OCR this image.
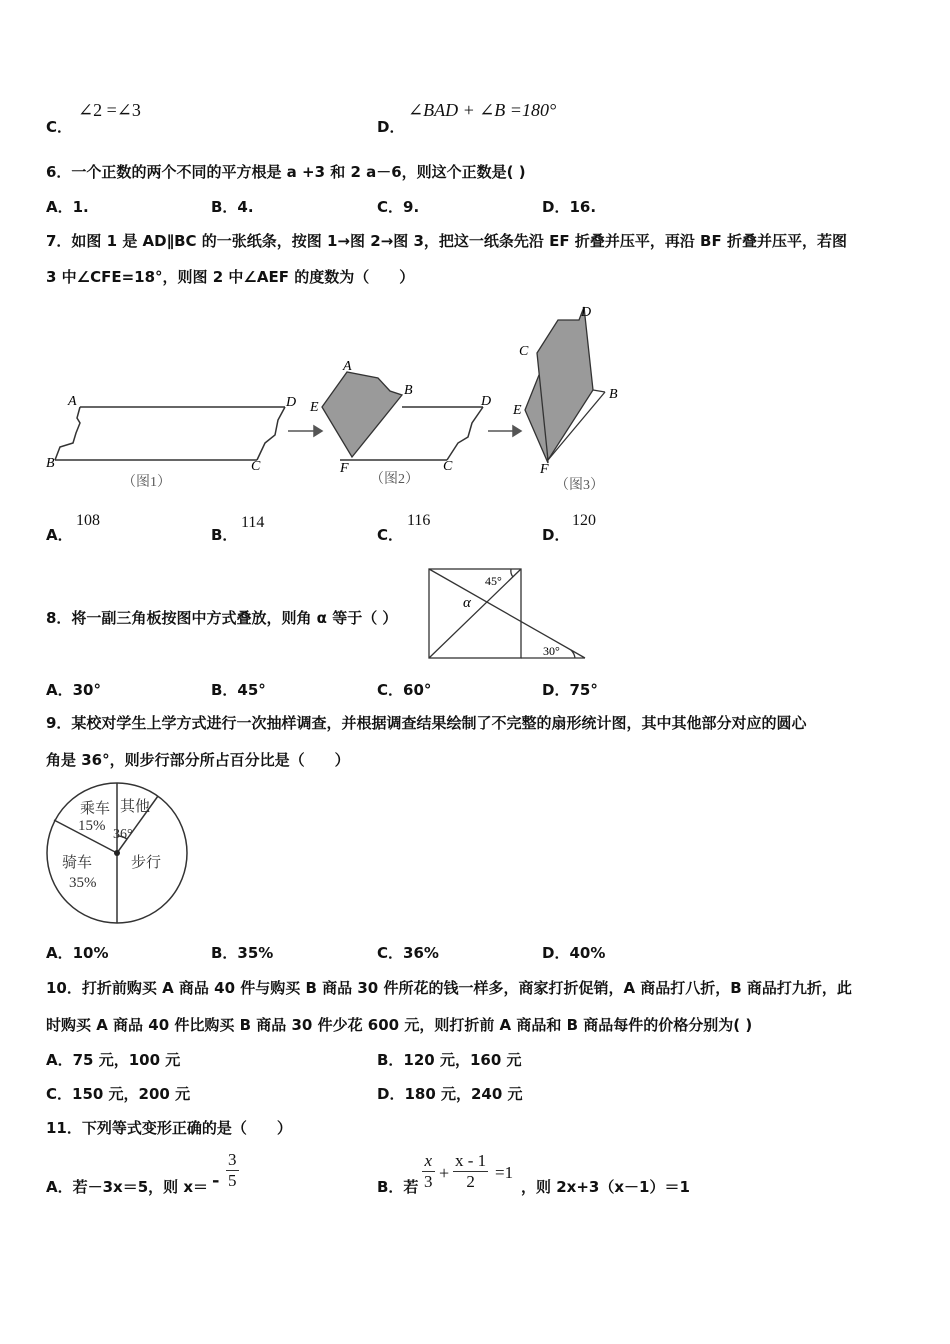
C．
∠2 =∠3
D．
∠BAD + ∠B =180°
6．一个正数的两个不同的平方根是 a +3 和 2 a－6，则这个正数是( )
A．1.	B．4.	C．9.	D．16.
7．如图 1 是 AD∥BC 的一张纸条，按图 1→图 2→图 3，把这一纸条先沿 EF 折叠并压平，再沿 BF 折叠并压平，若图
3 中∠CFE=18°，则图 2 中∠AEF 的度数为（　　）
A
B	C
D
（图1）
A
B
C
D
E
F
（图2）
D
C
B
E
F
（图3）
A．
108
B．
114
C．
116
D．
120
8．将一副三角板按图中方式叠放，则角 α 等于（ ）
45°
α
30°
A．30°	B．45°	C．60°	D．75°
9．某校对学生上学方式进行一次抽样调查，并根据调查结果绘制了不完整的扇形统计图，其中其他部分对应的圆心
角是 36°，则步行部分所占百分比是（　　）
乘车
15%
其他
36°
步行
骑车
35%
A．10%	B．35%	C．36%	D．40%
10．打折前购买 A 商品 40 件与购买 B 商品 30 件所花的钱一样多，商家打折促销，A 商品打八折，B 商品打九折，此
时购买 A 商品 40 件比购买 B 商品 30 件少花 600 元，则打折前 A 商品和 B 商品每件的价格分别为( )
A．75 元，100 元	B．120 元，160 元
C．150 元，200 元	D．180 元，240 元
11．下列等式变形正确的是（　　）
A．若－3x＝5，则 $x= - \frac{3}{5}$	B．若 $\frac{x}{3} + \frac{x - 1}{2} =1$
，则 2x+3（x－1）＝1
